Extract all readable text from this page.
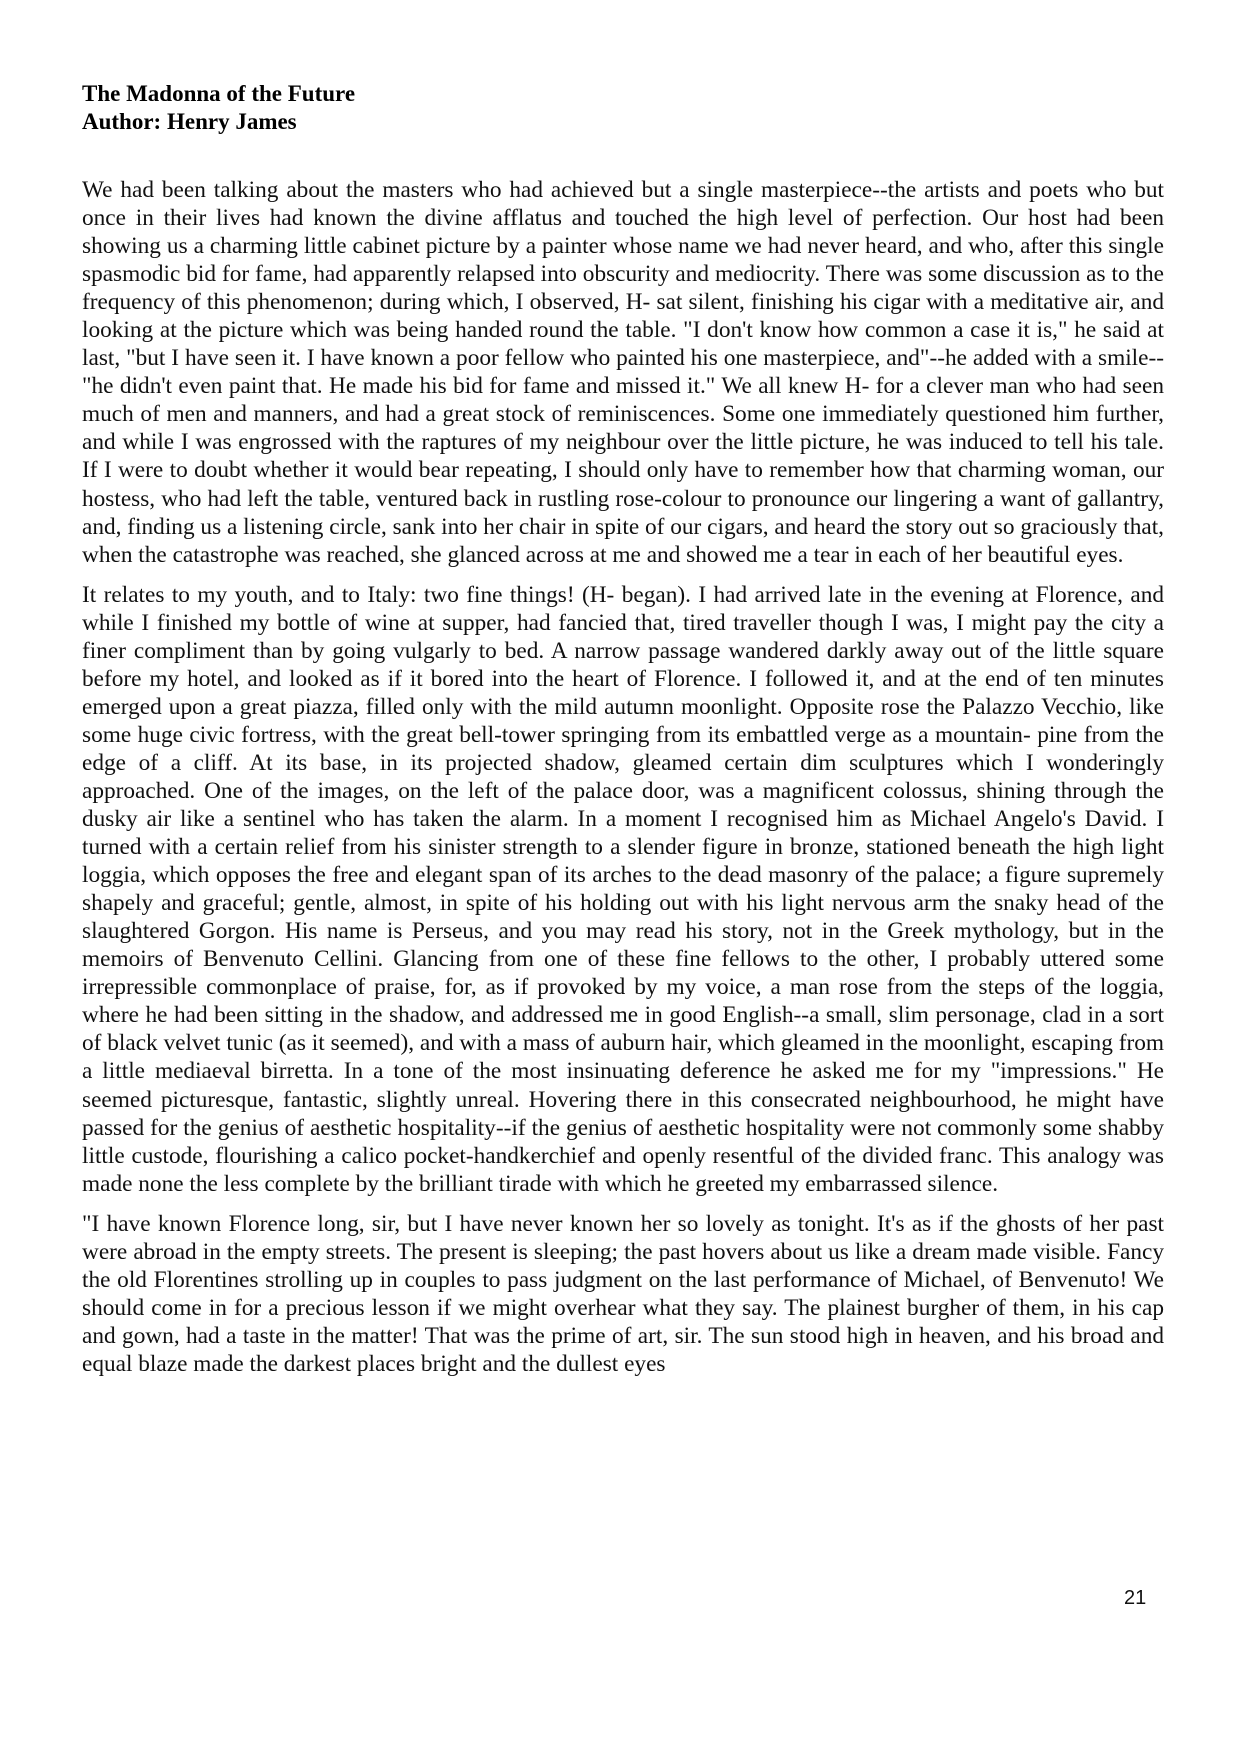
The Madonna of the Future
Author: Henry James

We had been talking about the masters who had achieved but a single masterpiece--the artists and poets who but once in their lives had known the divine afflatus and touched the high level of perfection. Our host had been showing us a charming little cabinet picture by a painter whose name we had never heard, and who, after this single spasmodic bid for fame, had apparently relapsed into obscurity and mediocrity. There was some discussion as to the frequency of this phenomenon; during which, I observed, H- sat silent, finishing his cigar with a meditative air, and looking at the picture which was being handed round the table. "I don't know how common a case it is," he said at last, "but I have seen it. I have known a poor fellow who painted his one masterpiece, and"--he added with a smile-- "he didn't even paint that. He made his bid for fame and missed it." We all knew H- for a clever man who had seen much of men and manners, and had a great stock of reminiscences. Some one immediately questioned him further, and while I was engrossed with the raptures of my neighbour over the little picture, he was induced to tell his tale. If I were to doubt whether it would bear repeating, I should only have to remember how that charming woman, our hostess, who had left the table, ventured back in rustling rose-colour to pronounce our lingering a want of gallantry, and, finding us a listening circle, sank into her chair in spite of our cigars, and heard the story out so graciously that, when the catastrophe was reached, she glanced across at me and showed me a tear in each of her beautiful eyes.

It relates to my youth, and to Italy: two fine things! (H- began). I had arrived late in the evening at Florence, and while I finished my bottle of wine at supper, had fancied that, tired traveller though I was, I might pay the city a finer compliment than by going vulgarly to bed. A narrow passage wandered darkly away out of the little square before my hotel, and looked as if it bored into the heart of Florence. I followed it, and at the end of ten minutes emerged upon a great piazza, filled only with the mild autumn moonlight. Opposite rose the Palazzo Vecchio, like some huge civic fortress, with the great bell-tower springing from its embattled verge as a mountain- pine from the edge of a cliff. At its base, in its projected shadow, gleamed certain dim sculptures which I wonderingly approached. One of the images, on the left of the palace door, was a magnificent colossus, shining through the dusky air like a sentinel who has taken the alarm. In a moment I recognised him as Michael Angelo's David. I turned with a certain relief from his sinister strength to a slender figure in bronze, stationed beneath the high light loggia, which opposes the free and elegant span of its arches to the dead masonry of the palace; a figure supremely shapely and graceful; gentle, almost, in spite of his holding out with his light nervous arm the snaky head of the slaughtered Gorgon. His name is Perseus, and you may read his story, not in the Greek mythology, but in the memoirs of Benvenuto Cellini. Glancing from one of these fine fellows to the other, I probably uttered some irrepressible commonplace of praise, for, as if provoked by my voice, a man rose from the steps of the loggia, where he had been sitting in the shadow, and addressed me in good English--a small, slim personage, clad in a sort of black velvet tunic (as it seemed), and with a mass of auburn hair, which gleamed in the moonlight, escaping from a little mediaeval birretta. In a tone of the most insinuating deference he asked me for my "impressions." He seemed picturesque, fantastic, slightly unreal. Hovering there in this consecrated neighbourhood, he might have passed for the genius of aesthetic hospitality--if the genius of aesthetic hospitality were not commonly some shabby little custode, flourishing a calico pocket-handkerchief and openly resentful of the divided franc. This analogy was made none the less complete by the brilliant tirade with which he greeted my embarrassed silence.

"I have known Florence long, sir, but I have never known her so lovely as tonight. It's as if the ghosts of her past were abroad in the empty streets. The present is sleeping; the past hovers about us like a dream made visible. Fancy the old Florentines strolling up in couples to pass judgment on the last performance of Michael, of Benvenuto! We should come in for a precious lesson if we might overhear what they say. The plainest burgher of them, in his cap and gown, had a taste in the matter! That was the prime of art, sir. The sun stood high in heaven, and his broad and equal blaze made the darkest places bright and the dullest eyes

21
